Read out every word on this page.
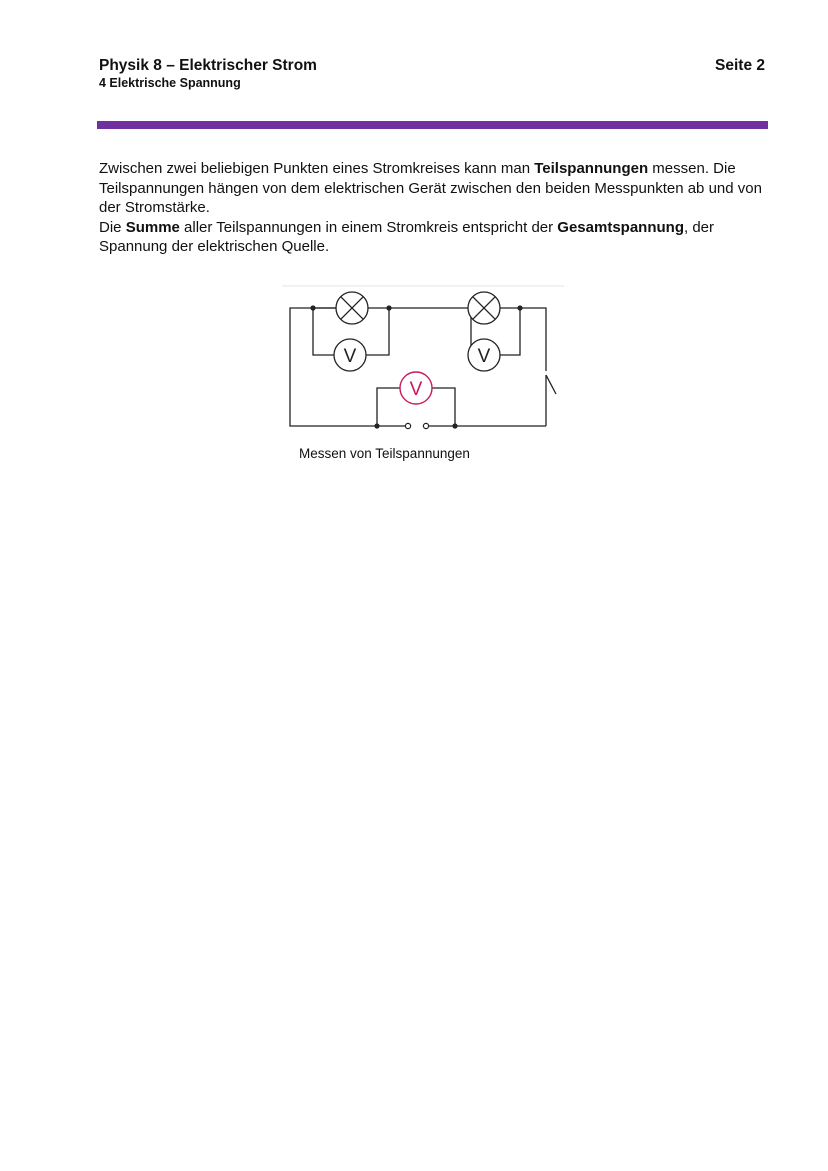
Physik 8 – Elektrischer Strom
4 Elektrische Spannung
Seite 2

Zwischen zwei beliebigen Punkten eines Stromkreises kann man Teilspannungen messen. Die Teilspannungen hängen von dem elektrischen Gerät zwischen den beiden Messpunkten ab und von der Stromstärke.

Die Summe aller Teilspannungen in einem Stromkreis entspricht der Gesamtspannung, der Spannung der elektrischen Quelle.

V	V
V
Messen von Teilspannungen
